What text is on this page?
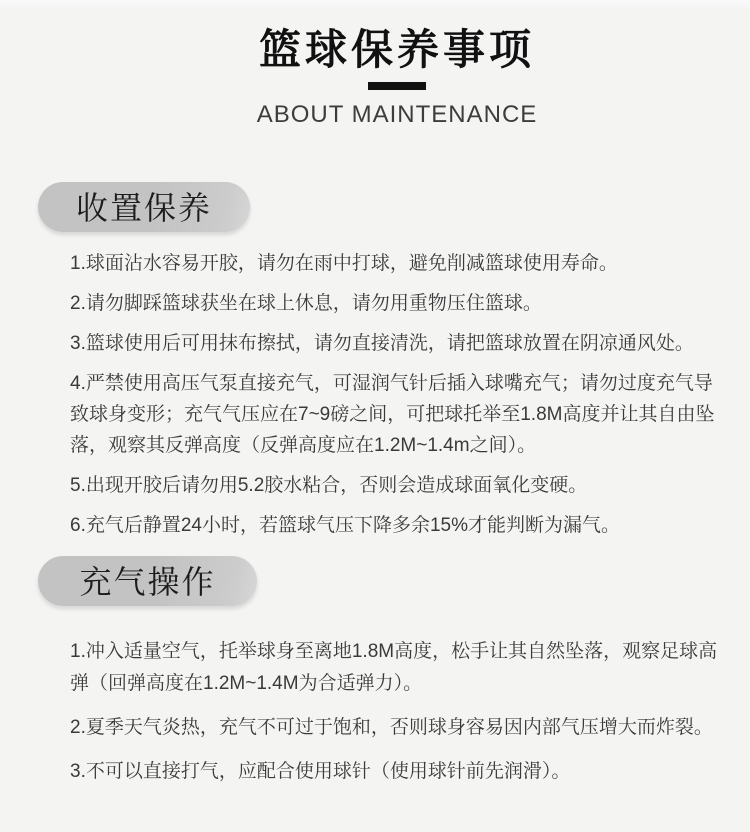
篮球保养事项
ABOUT MAINTENANCE
收置保养

1.球面沾水容易开胶，请勿在雨中打球，避免削减篮球使用寿命。

2.请勿脚踩篮球获坐在球上休息，请勿用重物压住篮球。

3.篮球使用后可用抹布擦拭，请勿直接清洗，请把篮球放置在阴凉通风处。

4.严禁使用高压气泵直接充气，可湿润气针后插入球嘴充气；请勿过度充气导致球身变形；充气气压应在7~9磅之间，可把球托举至1.8M高度并让其自由坠落，观察其反弹高度（反弹高度应在1.2M~1.4m之间）。

5.出现开胶后请勿用5.2胶水粘合，否则会造成球面氧化变硬。

6.充气后静置24小时，若篮球气压下降多余15%才能判断为漏气。

充气操作

1.冲入适量空气，托举球身至离地1.8M高度，松手让其自然坠落，观察足球高弹（回弹高度在1.2M~1.4M为合适弹力）。

2.夏季天气炎热，充气不可过于饱和，否则球身容易因内部气压增大而炸裂。

3.不可以直接打气，应配合使用球针（使用球针前先润滑）。
